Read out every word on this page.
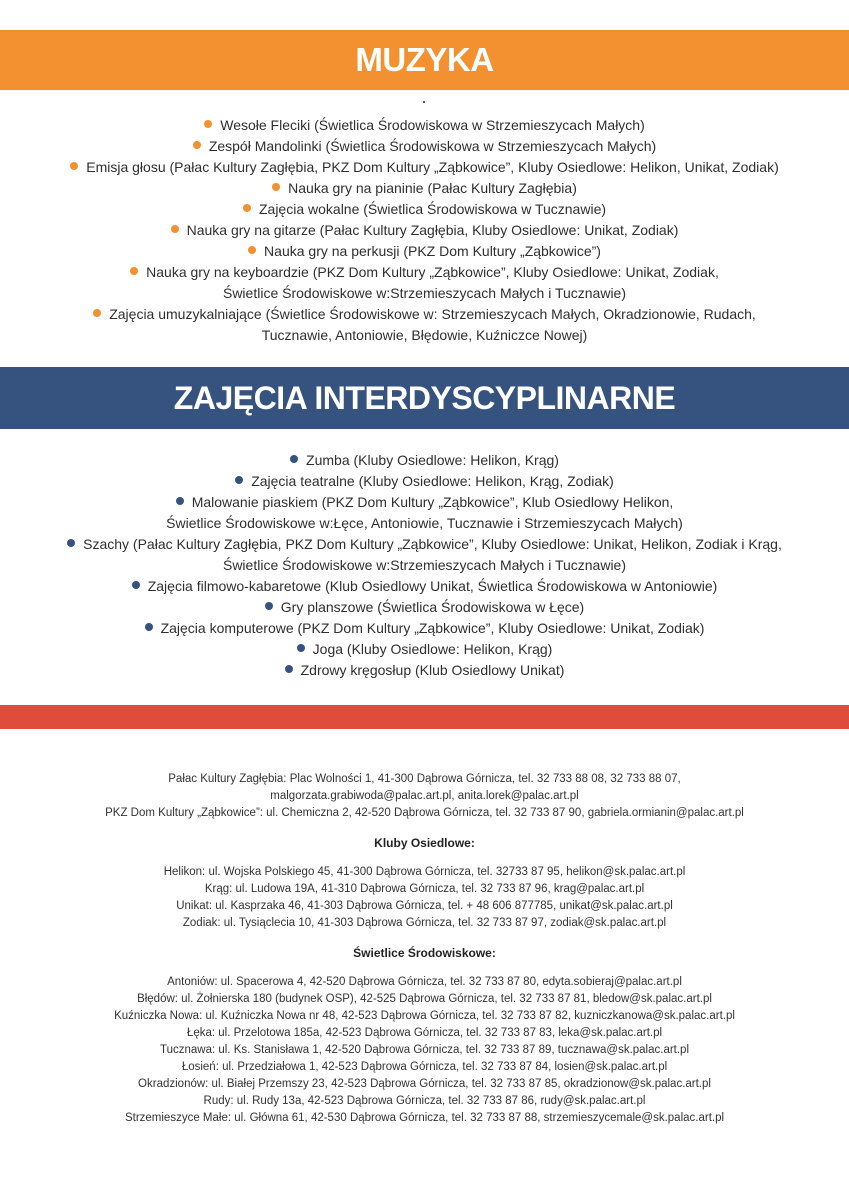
MUZYKA
Wesołe Fleciki (Świetlica Środowiskowa w Strzemieszycach Małych)
Zespół Mandolinki (Świetlica Środowiskowa w Strzemieszycach Małych)
Emisja głosu (Pałac Kultury Zagłębia, PKZ Dom Kultury „Ząbkowice”, Kluby Osiedlowe: Helikon, Unikat, Zodiak)
Nauka gry na pianinie (Pałac Kultury Zagłębia)
Zajęcia wokalne (Świetlica Środowiskowa w Tucznawie)
Nauka gry na gitarze (Pałac Kultury Zagłębia, Kluby Osiedlowe: Unikat, Zodiak)
Nauka gry na perkusji (PKZ Dom Kultury „Ząbkowice”)
Nauka gry na keyboardzie (PKZ Dom Kultury „Ząbkowice”, Kluby Osiedlowe: Unikat, Zodiak,
Świetlice Środowiskowe w:Strzemieszycach Małych i Tucznawie)
Zajęcia umuzykalniające (Świetlice Środowiskowe w: Strzemieszycach Małych, Okradzionowie, Rudach,
Tucznawie, Antoniowie, Błędowie, Kuźniczce Nowej)
ZAJĘCIA INTERDYSCYPLINARNE
Zumba (Kluby Osiedlowe: Helikon, Krąg)
Zajęcia teatralne (Kluby Osiedlowe: Helikon, Krąg, Zodiak)
Malowanie piaskiem (PKZ Dom Kultury „Ząbkowice”, Klub Osiedlowy Helikon,
Świetlice Środowiskowe w:Łęce, Antoniowie, Tucznawie i Strzemieszycach Małych)
Szachy (Pałac Kultury Zagłębia, PKZ Dom Kultury „Ząbkowice”, Kluby Osiedlowe: Unikat, Helikon, Zodiak i Krąg,
Świetlice Środowiskowe w:Strzemieszycach Małych i Tucznawie)
Zajęcia filmowo-kabaretowe (Klub Osiedlowy Unikat, Świetlica Środowiskowa w Antoniowie)
Gry planszowe (Świetlica Środowiskowa w Łęce)
Zajęcia komputerowe (PKZ Dom Kultury „Ząbkowice”, Kluby Osiedlowe: Unikat, Zodiak)
Joga (Kluby Osiedlowe: Helikon, Krąg)
Zdrowy kręgosłup (Klub Osiedlowy Unikat)

Pałac Kultury Zagłębia: Plac Wolności 1, 41-300 Dąbrowa Górnicza, tel. 32 733 88 08, 32 733 88 07,

malgorzata.grabiwoda@palac.art.pl, anita.lorek@palac.art.pl

PKZ Dom Kultury „Ząbkowice”: ul. Chemiczna 2, 42-520 Dąbrowa Górnicza, tel. 32 733 87 90, gabriela.ormianin@palac.art.pl

Kluby Osiedlowe:

Helikon: ul. Wojska Polskiego 45, 41-300 Dąbrowa Górnicza, tel. 32733 87 95, helikon@sk.palac.art.pl

Krąg: ul. Ludowa 19A, 41-310 Dąbrowa Górnicza, tel. 32 733 87 96, krag@palac.art.pl

Unikat: ul. Kasprzaka 46, 41-303 Dąbrowa Górnicza, tel. + 48 606 877785, unikat@sk.palac.art.pl

Zodiak: ul. Tysiąclecia 10, 41-303 Dąbrowa Górnicza, tel. 32 733 87 97, zodiak@sk.palac.art.pl

Świetlice Środowiskowe:

Antoniów: ul. Spacerowa 4, 42-520 Dąbrowa Górnicza, tel. 32 733 87 80, edyta.sobieraj@palac.art.pl

Błędów: ul. Żołnierska 180 (budynek OSP), 42-525 Dąbrowa Górnicza, tel. 32 733 87 81, bledow@sk.palac.art.pl

Kuźniczka Nowa: ul. Kuźniczka Nowa nr 48, 42-523 Dąbrowa Górnicza, tel. 32 733 87 82, kuzniczkanowa@sk.palac.art.pl

Łęka: ul. Przelotowa 185a, 42-523 Dąbrowa Górnicza, tel. 32 733 87 83, leka@sk.palac.art.pl

Tucznawa: ul. Ks. Stanisława 1, 42-520 Dąbrowa Górnicza, tel. 32 733 87 89, tucznawa@sk.palac.art.pl

Łosień: ul. Przedziałowa 1, 42-523 Dąbrowa Górnicza, tel. 32 733 87 84, losien@sk.palac.art.pl

Okradzionów: ul. Białej Przemszy 23, 42-523 Dąbrowa Górnicza, tel. 32 733 87 85, okradzionow@sk.palac.art.pl

Rudy: ul. Rudy 13a, 42-523 Dąbrowa Górnicza, tel. 32 733 87 86, rudy@sk.palac.art.pl

Strzemieszyce Małe: ul. Główna 61, 42-530 Dąbrowa Górnicza, tel. 32 733 87 88, strzemieszycemale@sk.palac.art.pl
